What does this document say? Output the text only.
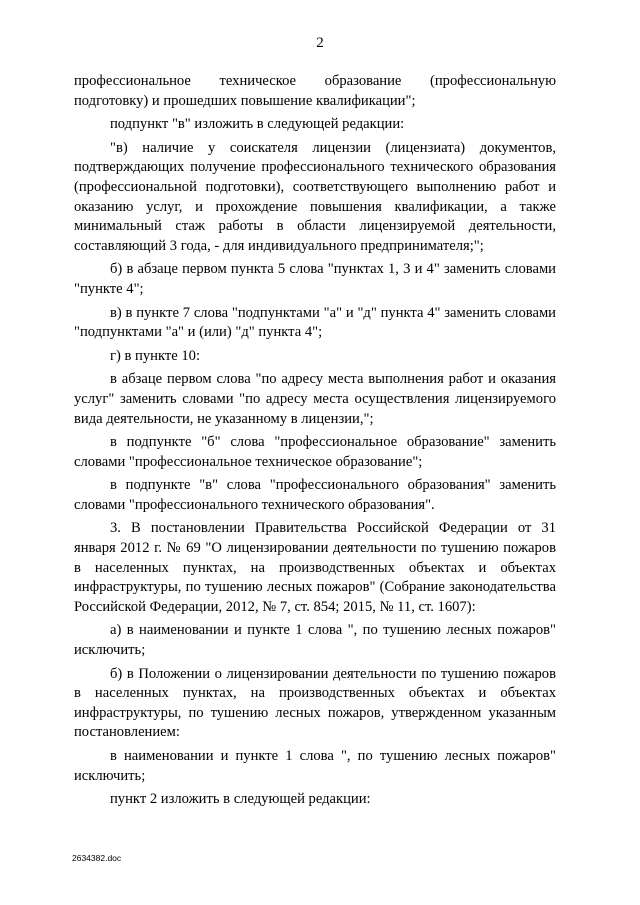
2

профессиональное техническое образование (профессиональную подготовку) и прошедших повышение квалификации";

подпункт "в" изложить в следующей редакции:

"в) наличие у соискателя лицензии (лицензиата) документов, подтверждающих получение профессионального технического образования (профессиональной подготовки), соответствующего выполнению работ и оказанию услуг, и прохождение повышения квалификации, а также минимальный стаж работы в области лицензируемой деятельности, составляющий 3 года, - для индивидуального предпринимателя;";

б) в абзаце первом пункта 5 слова "пунктах 1, 3 и 4" заменить словами "пункте 4";

в) в пункте 7 слова "подпунктами "а" и "д" пункта 4" заменить словами "подпунктами "а" и (или) "д" пункта 4";

г) в пункте 10:

в абзаце первом слова "по адресу места выполнения работ и оказания услуг" заменить словами "по адресу места осуществления лицензируемого вида деятельности, не указанному в лицензии,";

в подпункте "б" слова "профессиональное образование" заменить словами "профессиональное техническое образование";

в подпункте "в" слова "профессионального образования" заменить словами "профессионального технического образования".

3. В постановлении Правительства Российской Федерации от 31 января 2012 г. № 69 "О лицензировании деятельности по тушению пожаров в населенных пунктах, на производственных объектах и объектах инфраструктуры, по тушению лесных пожаров" (Собрание законодательства Российской Федерации, 2012, № 7, ст. 854; 2015, № 11, ст. 1607):

а) в наименовании и пункте 1 слова ", по тушению лесных пожаров" исключить;

б) в Положении о лицензировании деятельности по тушению пожаров в населенных пунктах, на производственных объектах и объектах инфраструктуры, по тушению лесных пожаров, утвержденном указанным постановлением:

в наименовании и пункте 1 слова ", по тушению лесных пожаров" исключить;

пункт 2 изложить в следующей редакции:

2634382.doc
